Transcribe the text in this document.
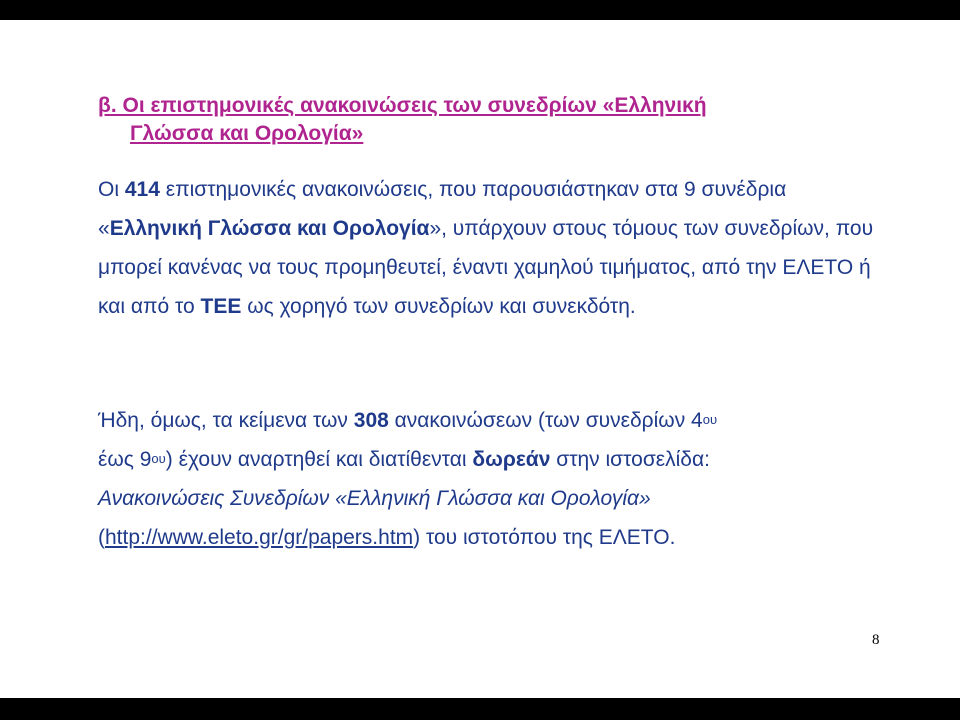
β. Οι επιστημονικές ανακοινώσεις των συνεδρίων «Ελληνική
Γλώσσα και Ορολογία»
Οι 414 επιστημονικές ανακοινώσεις, που παρουσιάστηκαν στα 9 συνέδρια «Ελληνική Γλώσσα και Ορολογία», υπάρχουν στους τόμους των συνεδρίων, που μπορεί κανένας να τους προμηθευτεί, έναντι χαμηλού τιμήματος, από την ΕΛΕΤΟ ή και από το ΤΕΕ ως χορηγό των συνεδρίων και συνεκδότη.
Ήδη, όμως, τα κείμενα των 308 ανακοινώσεων (των συνεδρίων $4^{o\upsilon}$
έως $9^{o\upsilon}$) έχουν αναρτηθεί και διατίθενται δωρεάν στην ιστοσελίδα:
Ανακοινώσεις Συνεδρίων «Ελληνική Γλώσσα και Ορολογία»
(http://www.eleto.gr/gr/papers.htm) του ιστοτόπου της ΕΛΕΤΟ.
8
